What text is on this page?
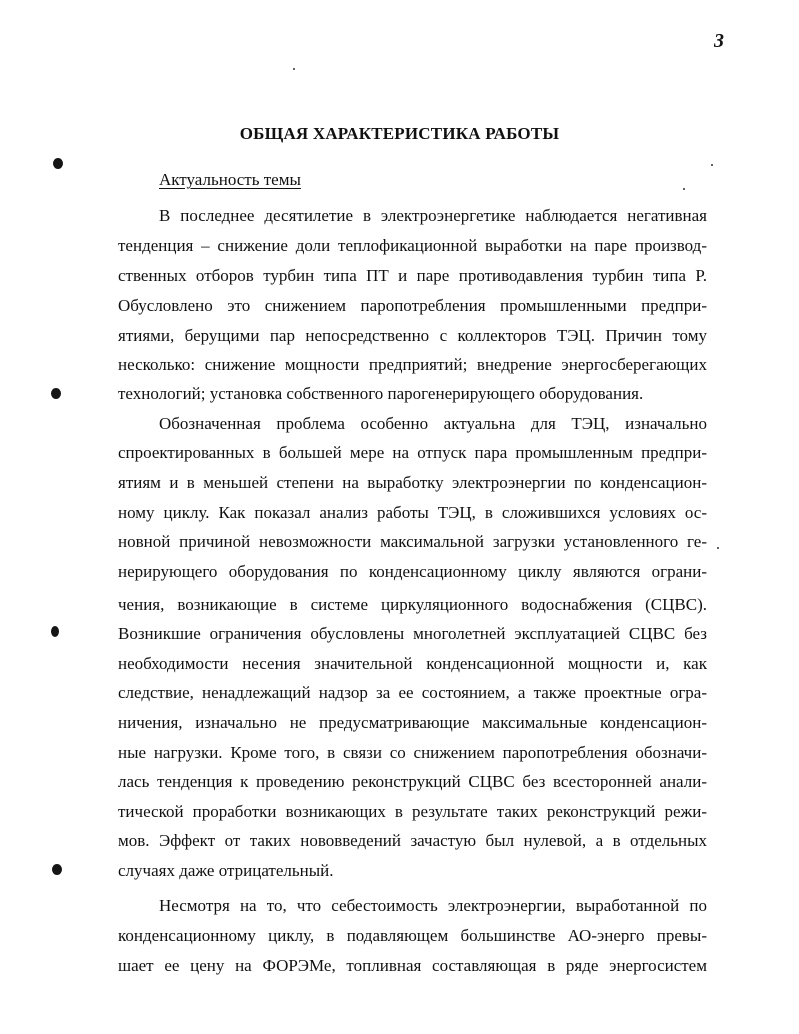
3
ОБЩАЯ ХАРАКТЕРИСТИКА РАБОТЫ
Актуальность темы
В последнее десятилетие в электроэнергетике наблюдается негативная
тенденция – снижение доли теплофикационной выработки на паре производ-
ственных отборов турбин типа ПТ и паре противодавления турбин типа Р.
Обусловлено это снижением паропотребления промышленными предпри-
ятиями, берущими пар непосредственно с коллекторов ТЭЦ. Причин тому
несколько: снижение мощности предприятий; внедрение энергосберегающих
технологий; установка собственного парогенерирующего оборудования.
Обозначенная проблема особенно актуальна для ТЭЦ, изначально
спроектированных в большей мере на отпуск пара промышленным предпри-
ятиям и в меньшей степени на выработку электроэнергии по конденсацион-
ному циклу. Как показал анализ работы ТЭЦ, в сложившихся условиях ос-
новной причиной невозможности максимальной загрузки установленного ге-
нерирующего оборудования по конденсационному циклу являются ограни-
чения, возникающие в системе циркуляционного водоснабжения (СЦВС).
Возникшие ограничения обусловлены многолетней эксплуатацией СЦВС без
необходимости несения значительной конденсационной мощности и, как
следствие, ненадлежащий надзор за ее состоянием, а также проектные огра-
ничения, изначально не предусматривающие максимальные конденсацион-
ные нагрузки. Кроме того, в связи со снижением паропотребления обозначи-
лась тенденция к проведению реконструкций СЦВС без всесторонней анали-
тической проработки возникающих в результате таких реконструкций режи-
мов. Эффект от таких нововведений зачастую был нулевой, а в отдельных
случаях даже отрицательный.
Несмотря на то, что себестоимость электроэнергии, выработанной по
конденсационному циклу, в подавляющем большинстве АО-энерго превы-
шает ее цену на ФОРЭМе, топливная составляющая в ряде энергосистем
